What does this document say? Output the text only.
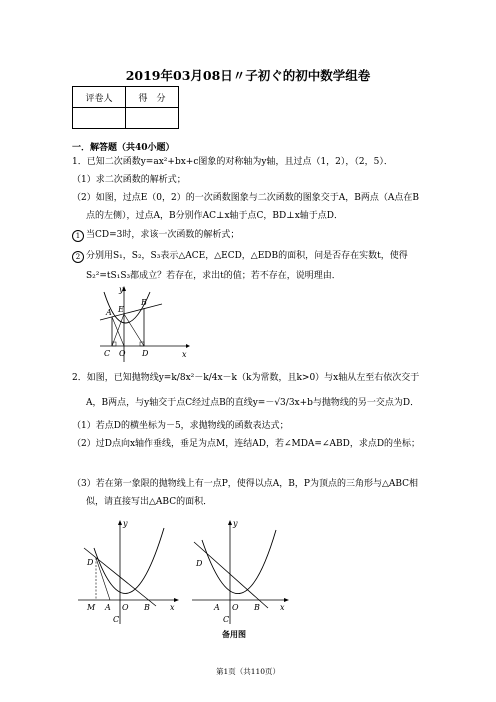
2019年03月08日〃子初ぐ的初中数学组卷
评卷人	得　分

一．解答题（共40小题）
1．已知二次函数y=ax²+bx+c图象的对称轴为y轴，且过点（1，2），（2，5）．
（1）求二次函数的解析式；
（2）如图，过点E（0，2）的一次函数图象与二次函数的图象交于A，B两点（A点在B
点的左侧），过点A，B分别作AC⊥x轴于点C，BD⊥x轴于点D．
1 当CD=3时，求该一次函数的解析式；
2 分别用S₁，S₂，S₃表示△ACE，△ECD，△EDB的面积，问是否存在实数t，使得
S₂²=tS₁S₃都成立？若存在，求出t的值；若不存在，说明理由．
y
x
B
A E
C O D
2．如图，已知抛物线y=k/8x²－k/4x－k（k为常数，且k>0）与x轴从左至右依次交于
A，B两点，与y轴交于点C经过点B的直线y=－√3/3x+b与抛物线的另一交点为D．
（1）若点D的横坐标为－5，求抛物线的函数表达式；
（2）过D点向x轴作垂线，垂足为点M，连结AD，若∠MDA=∠ABD，求点D的坐标；
（3）若在第一象限的抛物线上有一点P，使得以点A，B，P为顶点的三角形与△ABC相
似，请直接写出△ABC的面积．
y
x
D
M A O B
C
y
x
D
A O B
C
备用图
第1页（共110页）
